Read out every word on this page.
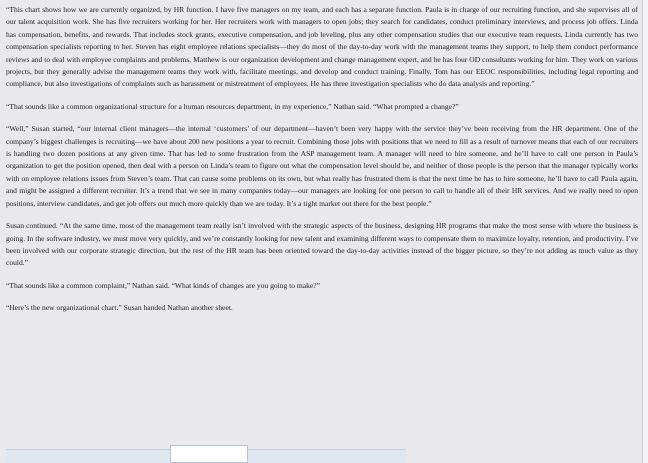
“This chart shows how we are currently organized, by HR function. I have five managers on my team, and each has a separate function. Paula is in charge of our recruiting function, and she supervises all of our talent acquisition work. She has five recruiters working for her. Her recruiters work with managers to open jobs; they search for candidates, conduct preliminary interviews, and process job offers. Linda has compensation, benefits, and rewards. That includes stock grants, executive compensation, and job leveling, plus any other compensation studies that our executive team requests. Linda currently has two compensation specialists reporting to her. Steven has eight employee relations specialists—they do most of the day-to-day work with the management teams they support, to help them conduct performance reviews and to deal with employee complaints and problems. Matthew is our organization development and change management expert, and he has four OD consultants working for him. They work on various projects, but they generally advise the management teams they work with, facilitate meetings, and develop and conduct training. Finally, Tom has our EEOC responsibilities, including legal reporting and compliance, but also investigations of complaints such as harassment or mistreatment of employees. He has three investigation specialists who do data analysis and reporting.”

“That sounds like a common organizational structure for a human resources department, in my experience,” Nathan said. “What prompted a change?”

“Well,” Susan started, “our internal client managers—the internal ‘customers’ of our department—haven’t been very happy with the service they’ve been receiving from the HR department. One of the company’s biggest challenges is recruiting—we have about 200 new positions a year to recruit. Combining those jobs with positions that we need to fill as a result of turnover means that each of our recruiters is handling two dozen positions at any given time. That has led to some frustration from the ASP management team. A manager will need to hire someone, and he’ll have to call one person in Paula’s organization to get the position opened, then deal with a person on Linda’s team to figure out what the compensation level should be, and neither of those people is the person that the manager typically works with on employee relations issues from Steven’s team. That can cause some problems on its own, but what really has frustrated them is that the next time he has to hire someone, he’ll have to call Paula again, and might be assigned a different recruiter. It’s a trend that we see in many companies today—our managers are looking for one person to call to handle all of their HR services. And we really need to open positions, interview candidates, and get job offers out much more quickly than we are today. It’s a tight market out there for the best people.”

Susan continued. “At the same time, most of the management team really isn’t involved with the strategic aspects of the business, designing HR programs that make the most sense with where the business is going. In the software industry, we must move very quickly, and we’re constantly looking for new talent and examining different ways to compensate them to maximize loyalty, retention, and productivity. I’ve been involved with our corporate strategic direction, but the rest of the HR team has been oriented toward the day-to-day activities instead of the bigger picture, so they’re not adding as much value as they could.”

“That sounds like a common complaint,” Nathan said. “What kinds of changes are you going to make?”

“Here’s the new organizational chart.” Susan handed Nathan another sheet.
